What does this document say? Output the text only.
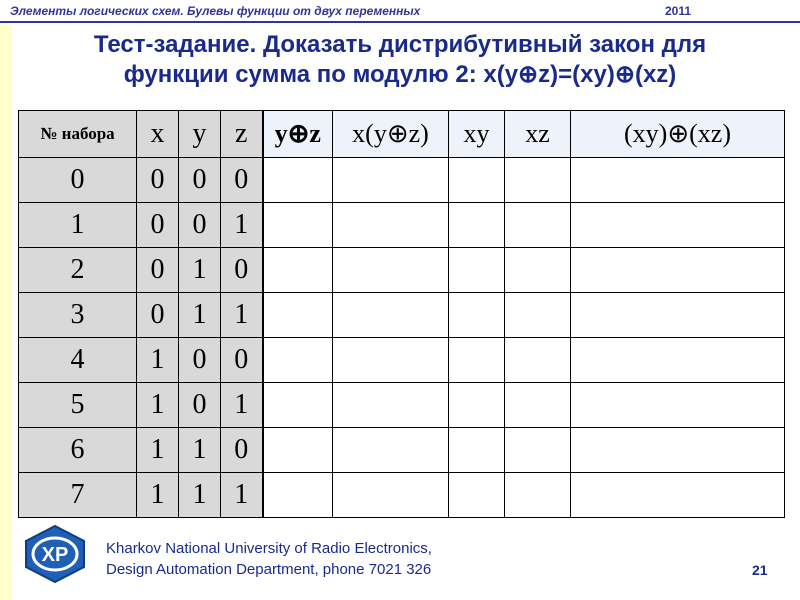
Элементы логических схем. Булевы функции от двух переменных	2011
Тест-задание. Доказать дистрибутивный закон для
функции сумма по модулю 2: x(y⊕z)=(xy)⊕(xz)
№ набора	x	y	z	y⊕z	x(y⊕z)	xy	xz	(xy)⊕(xz)
0	0	0	0					
1	0	0	1					
2	0	1	0					
3	0	1	1					
4	1	0	0					
5	1	0	1					
6	1	1	0					
7	1	1	1					
ХР	Kharkov National University of Radio Electronics,
Design Automation Department, phone 7021 326	21
